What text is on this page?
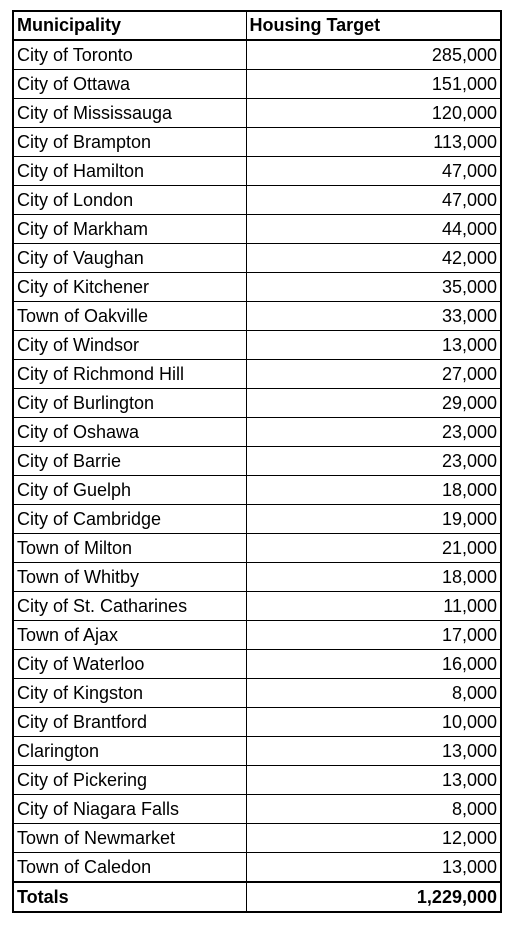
Municipality	Housing Target
City of Toronto	285,000
City of Ottawa	151,000
City of Mississauga	120,000
City of Brampton	113,000
City of Hamilton	47,000
City of London	47,000
City of Markham	44,000
City of Vaughan	42,000
City of Kitchener	35,000
Town of Oakville	33,000
City of Windsor	13,000
City of Richmond Hill	27,000
City of Burlington	29,000
City of Oshawa	23,000
City of Barrie	23,000
City of Guelph	18,000
City of Cambridge	19,000
Town of Milton	21,000
Town of Whitby	18,000
City of St. Catharines	11,000
Town of Ajax	17,000
City of Waterloo	16,000
City of Kingston	8,000
City of Brantford	10,000
Clarington	13,000
City of Pickering	13,000
City of Niagara Falls	8,000
Town of Newmarket	12,000
Town of Caledon	13,000
Totals	1,229,000
